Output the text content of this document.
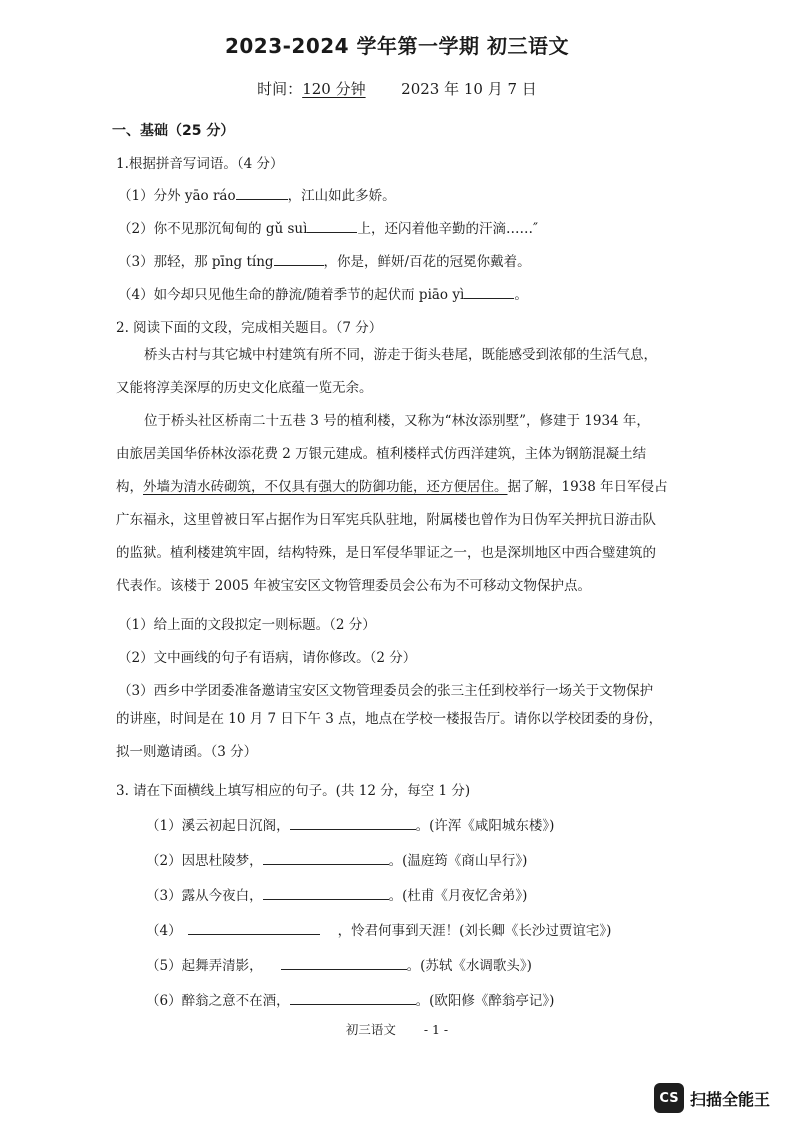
2023-2024 学年第一学期 初三语文
时间：120 分钟 2023 年 10 月 7 日
一、基础（25 分）
1.根据拼音写词语。（4 分）
（1）分外 yāo ráo	，江山如此多娇。
（2）你不见那沉甸甸的 gǔ suì	上，还闪着他辛勤的汗滴……″
（3）那轻，那 pīng tíng	，你是，鲜妍/百花的冠冕你戴着。
（4）如今却只见他生命的静流/随着季节的起伏而 piāo yì	。
2. 阅读下面的文段，完成相关题目。（7 分）
桥头古村与其它城中村建筑有所不同，游走于街头巷尾，既能感受到浓郁的生活气息，
又能将淳美深厚的历史文化底蕴一览无余。
位于桥头社区桥南二十五巷 3 号的植利楼，又称为“林汝添别墅”，修建于 1934 年，
由旅居美国华侨林汝添花费 2 万银元建成。植利楼样式仿西洋建筑，主体为钢筋混凝土结
构，外墙为清水砖砌筑，不仅具有强大的防御功能，还方便居住。据了解，1938 年日军侵占
广东福永，这里曾被日军占据作为日军宪兵队驻地，附属楼也曾作为日伪军关押抗日游击队
的监狱。植利楼建筑牢固，结构特殊，是日军侵华罪证之一，也是深圳地区中西合璧建筑的
代表作。该楼于 2005 年被宝安区文物管理委员会公布为不可移动文物保护点。
（1）给上面的文段拟定一则标题。（2 分）
（2）文中画线的句子有语病，请你修改。（2 分）
（3）西乡中学团委准备邀请宝安区文物管理委员会的张三主任到校举行一场关于文物保护
的讲座，时间是在 10 月 7 日下午 3 点，地点在学校一楼报告厅。请你以学校团委的身份，
拟一则邀请函。（3 分）
3. 请在下面横线上填写相应的句子。(共 12 分，每空 1 分)
（1）溪云初起日沉阁，	。(许浑《咸阳城东楼》)
（2）因思杜陵梦，	。(温庭筠《商山早行》)
（3）露从今夜白，	。(杜甫《月夜忆舍弟》)
（4）	，怜君何事到天涯！(刘长卿《长沙过贾谊宅》)
（5）起舞弄清影，	。(苏轼《水调歌头》)
（6）醉翁之意不在酒，	。(欧阳修《醉翁亭记》)
初三语文 - 1 -
CS 扫描全能王
